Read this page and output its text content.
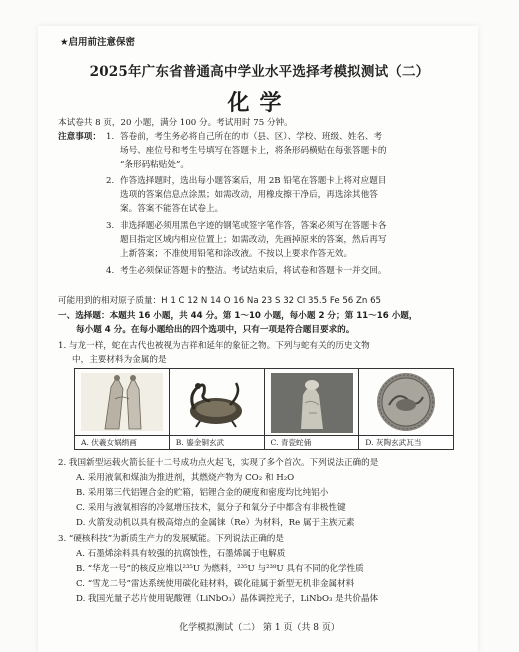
★启用前注意保密
2025年广东省普通高中学业水平选择考模拟测试（二）
化学
本试卷共 8 页，20 小题，满分 100 分。考试用时 75 分钟。
注意事项： 1. 答卷前，考生务必将自己所在的市（县、区）、学校、班级、姓名、考
场号、座位号和考生号填写在答题卡上，将条形码横贴在每张答题卡的
“条形码粘贴处”。
2. 作答选择题时，选出每小题答案后，用 2B 铅笔在答题卡上将对应题目
选项的答案信息点涂黑；如需改动，用橡皮擦干净后，再选涂其他答
案。答案不能答在试卷上。
3. 非选择题必须用黑色字迹的钢笔或签字笔作答，答案必须写在答题卡各
题目指定区域内相应位置上；如需改动，先画掉原来的答案，然后再写
上新答案；不准使用铅笔和涂改液。不按以上要求作答无效。
4. 考生必须保证答题卡的整洁。考试结束后，将试卷和答题卡一并交回。
可能用到的相对原子质量：H 1 C 12 N 14 O 16 Na 23 S 32 Cl 35.5 Fe 56 Zn 65
一、选择题：本题共 16 小题，共 44 分。第 1～10 小题，每小题 2 分；第 11～16 小题，
每小题 4 分。在每小题给出的四个选项中，只有一项是符合题目要求的。
1. 与龙一样，蛇在古代也被视为吉祥和延年的象征之物。下列与蛇有关的历史文物
中，主要材料为金属的是
A. 伏羲女娲绢画	B. 鎏金铜玄武	C. 青瓷蛇俑	D. 灰陶玄武瓦当
2. 我国新型运载火箭长征十二号成功点火起飞，实现了多个首次。下列说法正确的是
A. 采用液氧和煤油为推进剂，其燃烧产物为 CO₂ 和 H₂O
B. 采用第三代铝锂合金的贮箱，铝锂合金的硬度和密度均比纯铝小
C. 采用与液氧相容的冷氦增压技术，氦分子和氧分子中都含有非极性键
D. 火箭发动机以具有极高熔点的金属铼（Re）为材料，Re 属于主族元素
3. “硬核科技”为新质生产力的发展赋能。下列说法正确的是
A. 石墨烯涂料具有较强的抗腐蚀性，石墨烯属于电解质
B. “华龙一号”的核反应堆以²³⁵U 为燃料，²³⁵U 与²³⁸U 具有不同的化学性质
C. “雪龙二号”雷达系统使用碳化硅材料，碳化硅属于新型无机非金属材料
D. 我国光量子芯片使用铌酸锂（LiNbO₃）晶体调控光子，LiNbO₃ 是共价晶体
化学模拟测试（二） 第 1 页（共 8 页）
